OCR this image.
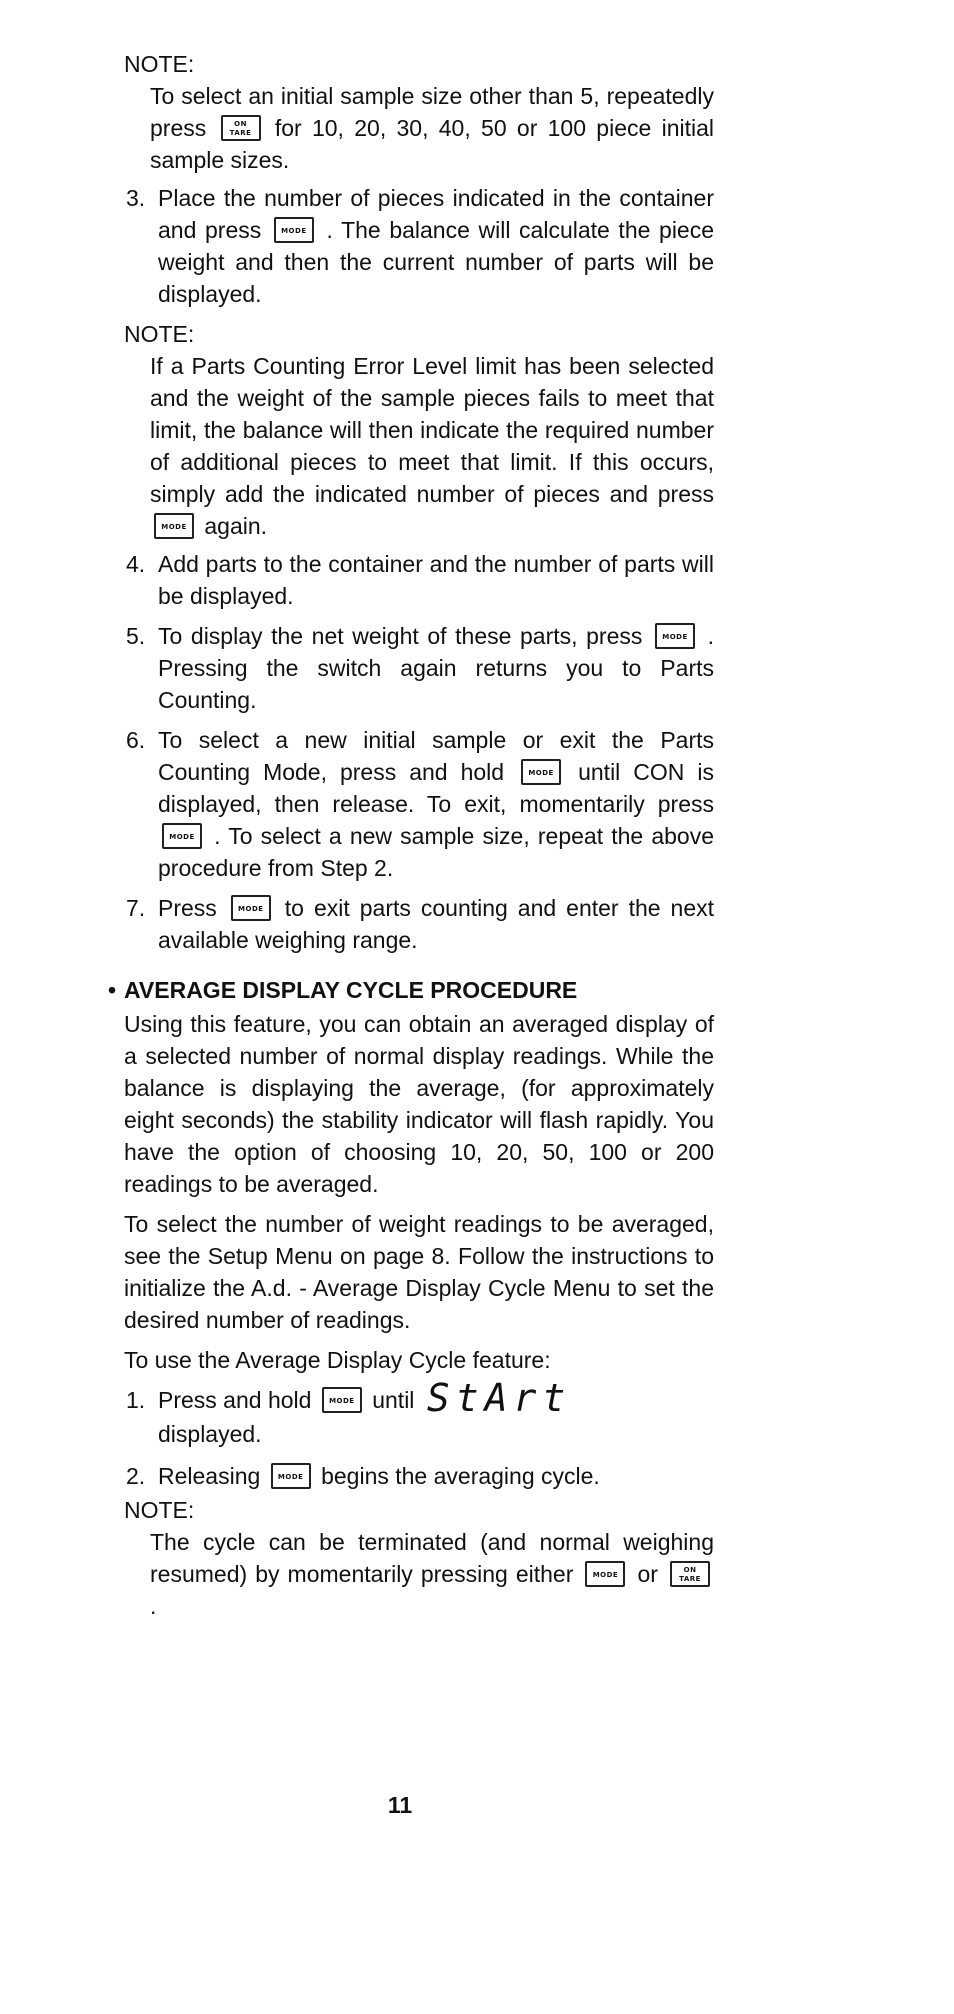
NOTE:

To select an initial sample size other than 5, repeatedly press	ON
TARE	for 10, 20, 30, 40, 50 or 100 piece initial sample sizes.

3. Place the number of pieces indicated in the container and press	MODE . The balance will calculate the piece weight and then the current number of parts will be displayed.

NOTE:

If a Parts Counting Error Level limit has been selected and the weight of the sample pieces fails to meet that limit, the balance will then indicate the required number of additional pieces to meet that limit. If this occurs, simply add the indicated number of pieces and press
MODE again.

4. Add parts to the container and the number of parts will be displayed.
5. To display the net weight of these parts, press	MODE . Pressing the switch again returns you to Parts Counting.
6. To select a new initial sample or exit the Parts Counting Mode, press and hold	MODE until CON is displayed, then release. To exit, momentarily press
MODE . To select a new sample size, repeat the above procedure from Step 2.
7. Press	MODE to exit parts counting and enter the next available weighing range.
• AVERAGE DISPLAY CYCLE PROCEDURE

Using this feature, you can obtain an averaged display of a selected number of normal display readings. While the balance is displaying the average, (for approximately eight seconds) the stability indicator will flash rapidly. You have the option of choosing 10, 20, 50, 100 or 200 readings to be averaged.

To select the number of weight readings to be averaged, see the Setup Menu on page 8. Follow the instructions to initialize the A.d. - Average Display Cycle Menu to set the desired number of readings.

To use the Average Display Cycle feature:

1. Press and hold	MODE until StArt
displayed.
2. Releasing	MODE begins the averaging cycle.

NOTE:

The cycle can be terminated (and normal weighing resumed) by momentarily pressing either	MODE or	ON
TARE
.

11
